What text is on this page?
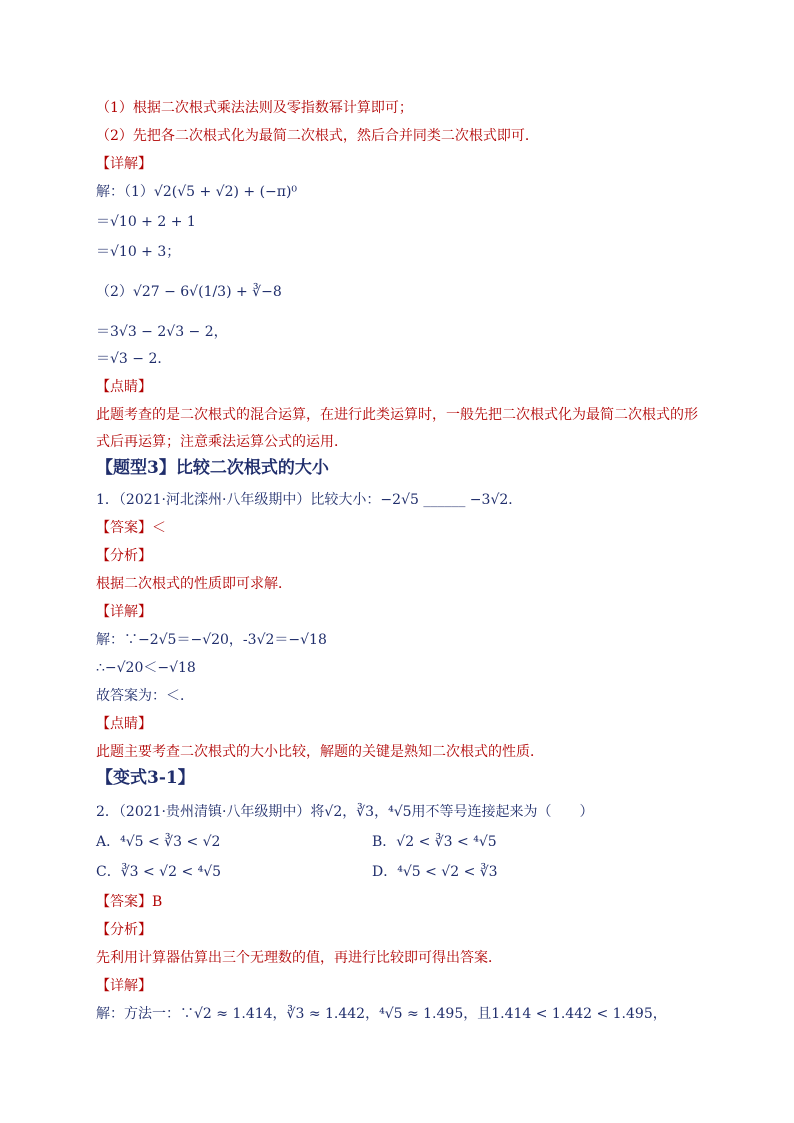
（1）根据二次根式乘法法则及零指数幂计算即可；
（2）先把各二次根式化为最简二次根式，然后合并同类二次根式即可．
【详解】
解：（1）√2(√5 + √2) + (−π)⁰
＝√10 + 2 + 1
＝√10 + 3；
（2）√27 − 6√(1/3) + ∛−8
＝3√3 − 2√3 − 2，
＝√3 − 2．
【点睛】
此题考查的是二次根式的混合运算，在进行此类运算时，一般先把二次根式化为最简二次根式的形
式后再运算；注意乘法运算公式的运用．
【题型3】比较二次根式的大小
1．（2021·河北滦州·八年级期中）比较大小：−2√5 ______ −3√2．
【答案】＜
【分析】
根据二次根式的性质即可求解．
【详解】
解：∵−2√5＝−√20，-3√2＝−√18
∴−√20＜−√18
故答案为：＜．
【点睛】
此题主要考查二次根式的大小比较，解题的关键是熟知二次根式的性质．
【变式3-1】
2．（2021·贵州清镇·八年级期中）将√2，∛3，⁴√5用不等号连接起来为（　　）
A．⁴√5 < ∛3 < √2	B．√2 < ∛3 < ⁴√5
C．∛3 < √2 < ⁴√5	D．⁴√5 < √2 < ∛3
【答案】B
【分析】
先利用计算器估算出三个无理数的值，再进行比较即可得出答案．
【详解】
解：方法一：∵√2 ≈ 1.414，∛3 ≈ 1.442，⁴√5 ≈ 1.495，且1.414 < 1.442 < 1.495，
